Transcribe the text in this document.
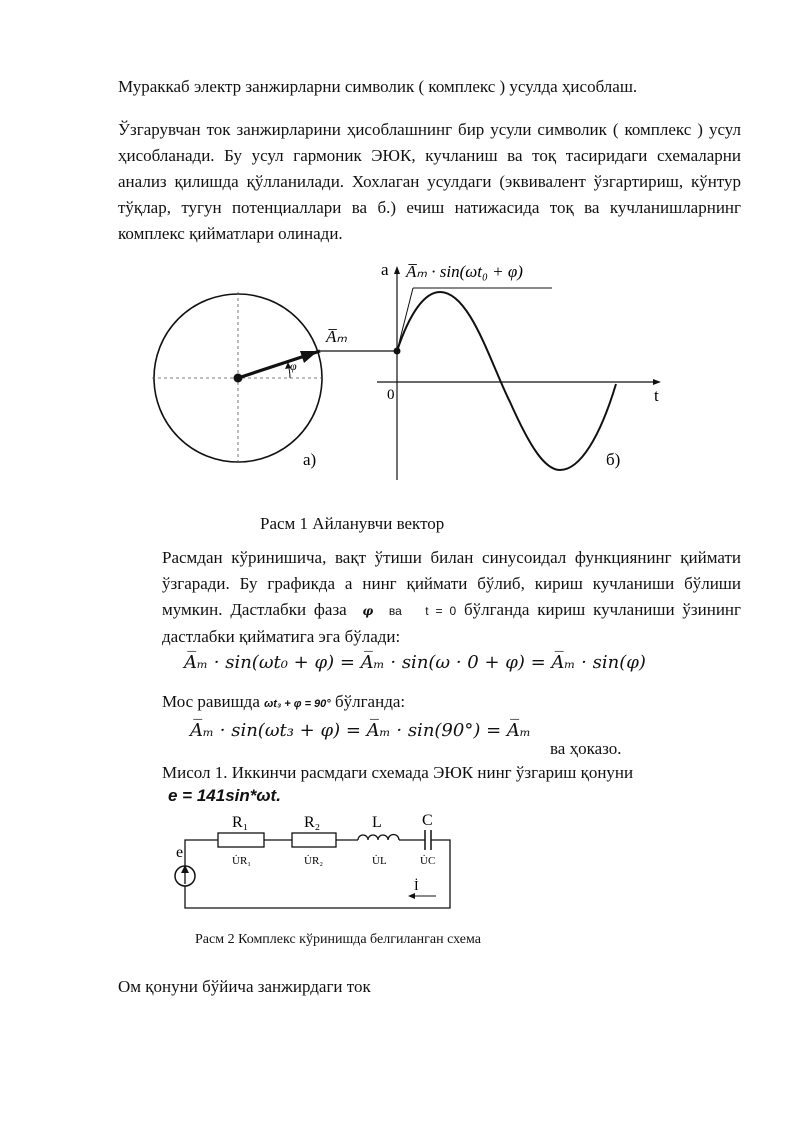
Мураккаб электр занжирларни символик ( комплекс ) усулда ҳисоблаш.
Ўзгарувчан ток занжирларини ҳисоблашнинг бир усули символик ( комплекс ) усул ҳисобланади. Бу усул гармоник ЭЮК, кучланиш ва тоқ тасиридаги схемаларни анализ қилишда қўлланилади. Хохлаган усулдаги (эквивалент ўзгартириш, кўнтур тўқлар, тугун потенциаллари ва б.) ечиш натижасида тоқ ва кучланишларнинг комплекс қийматлари олинади.
a A̅ₘ · sin(ωt₀ + φ)
A̅ₘ
φ
0	t
а)	б)
Расм 1 Айланувчи вектор
Расмдан кўринишича, вақт ўтиши билан синусоидал функциянинг қиймати ўзгаради. Бу графикда а нинг қиймати бўлиб, кириш кучланиши бўлиши мумкин. Дастлабки фаза φ ва t = 0 бўлганда кириш кучланиши ўзининг дастлабки қийматига эга бўлади:
A̅ₘ · sin(ωt₀ + φ) = A̅ₘ · sin(ω · 0 + φ) = A̅ₘ · sin(φ)
Мос равишда ωt₃ + φ = 90° бўлганда:
A̅ₘ · sin(ωt₃ + φ) = A̅ₘ · sin(90°) = A̅ₘ
ва ҳоказо.
Мисол 1. Иккинчи расмдаги схемада ЭЮК нинг ўзгариш қонуни
e = 141sin*ωt.
R₁	R₂	L	C
e	U̇R₁	U̇R₂	U̇L	U̇C
İ
Расм 2 Комплекс кўринишда белгиланган схема
Ом қонуни бўйича занжирдаги ток
